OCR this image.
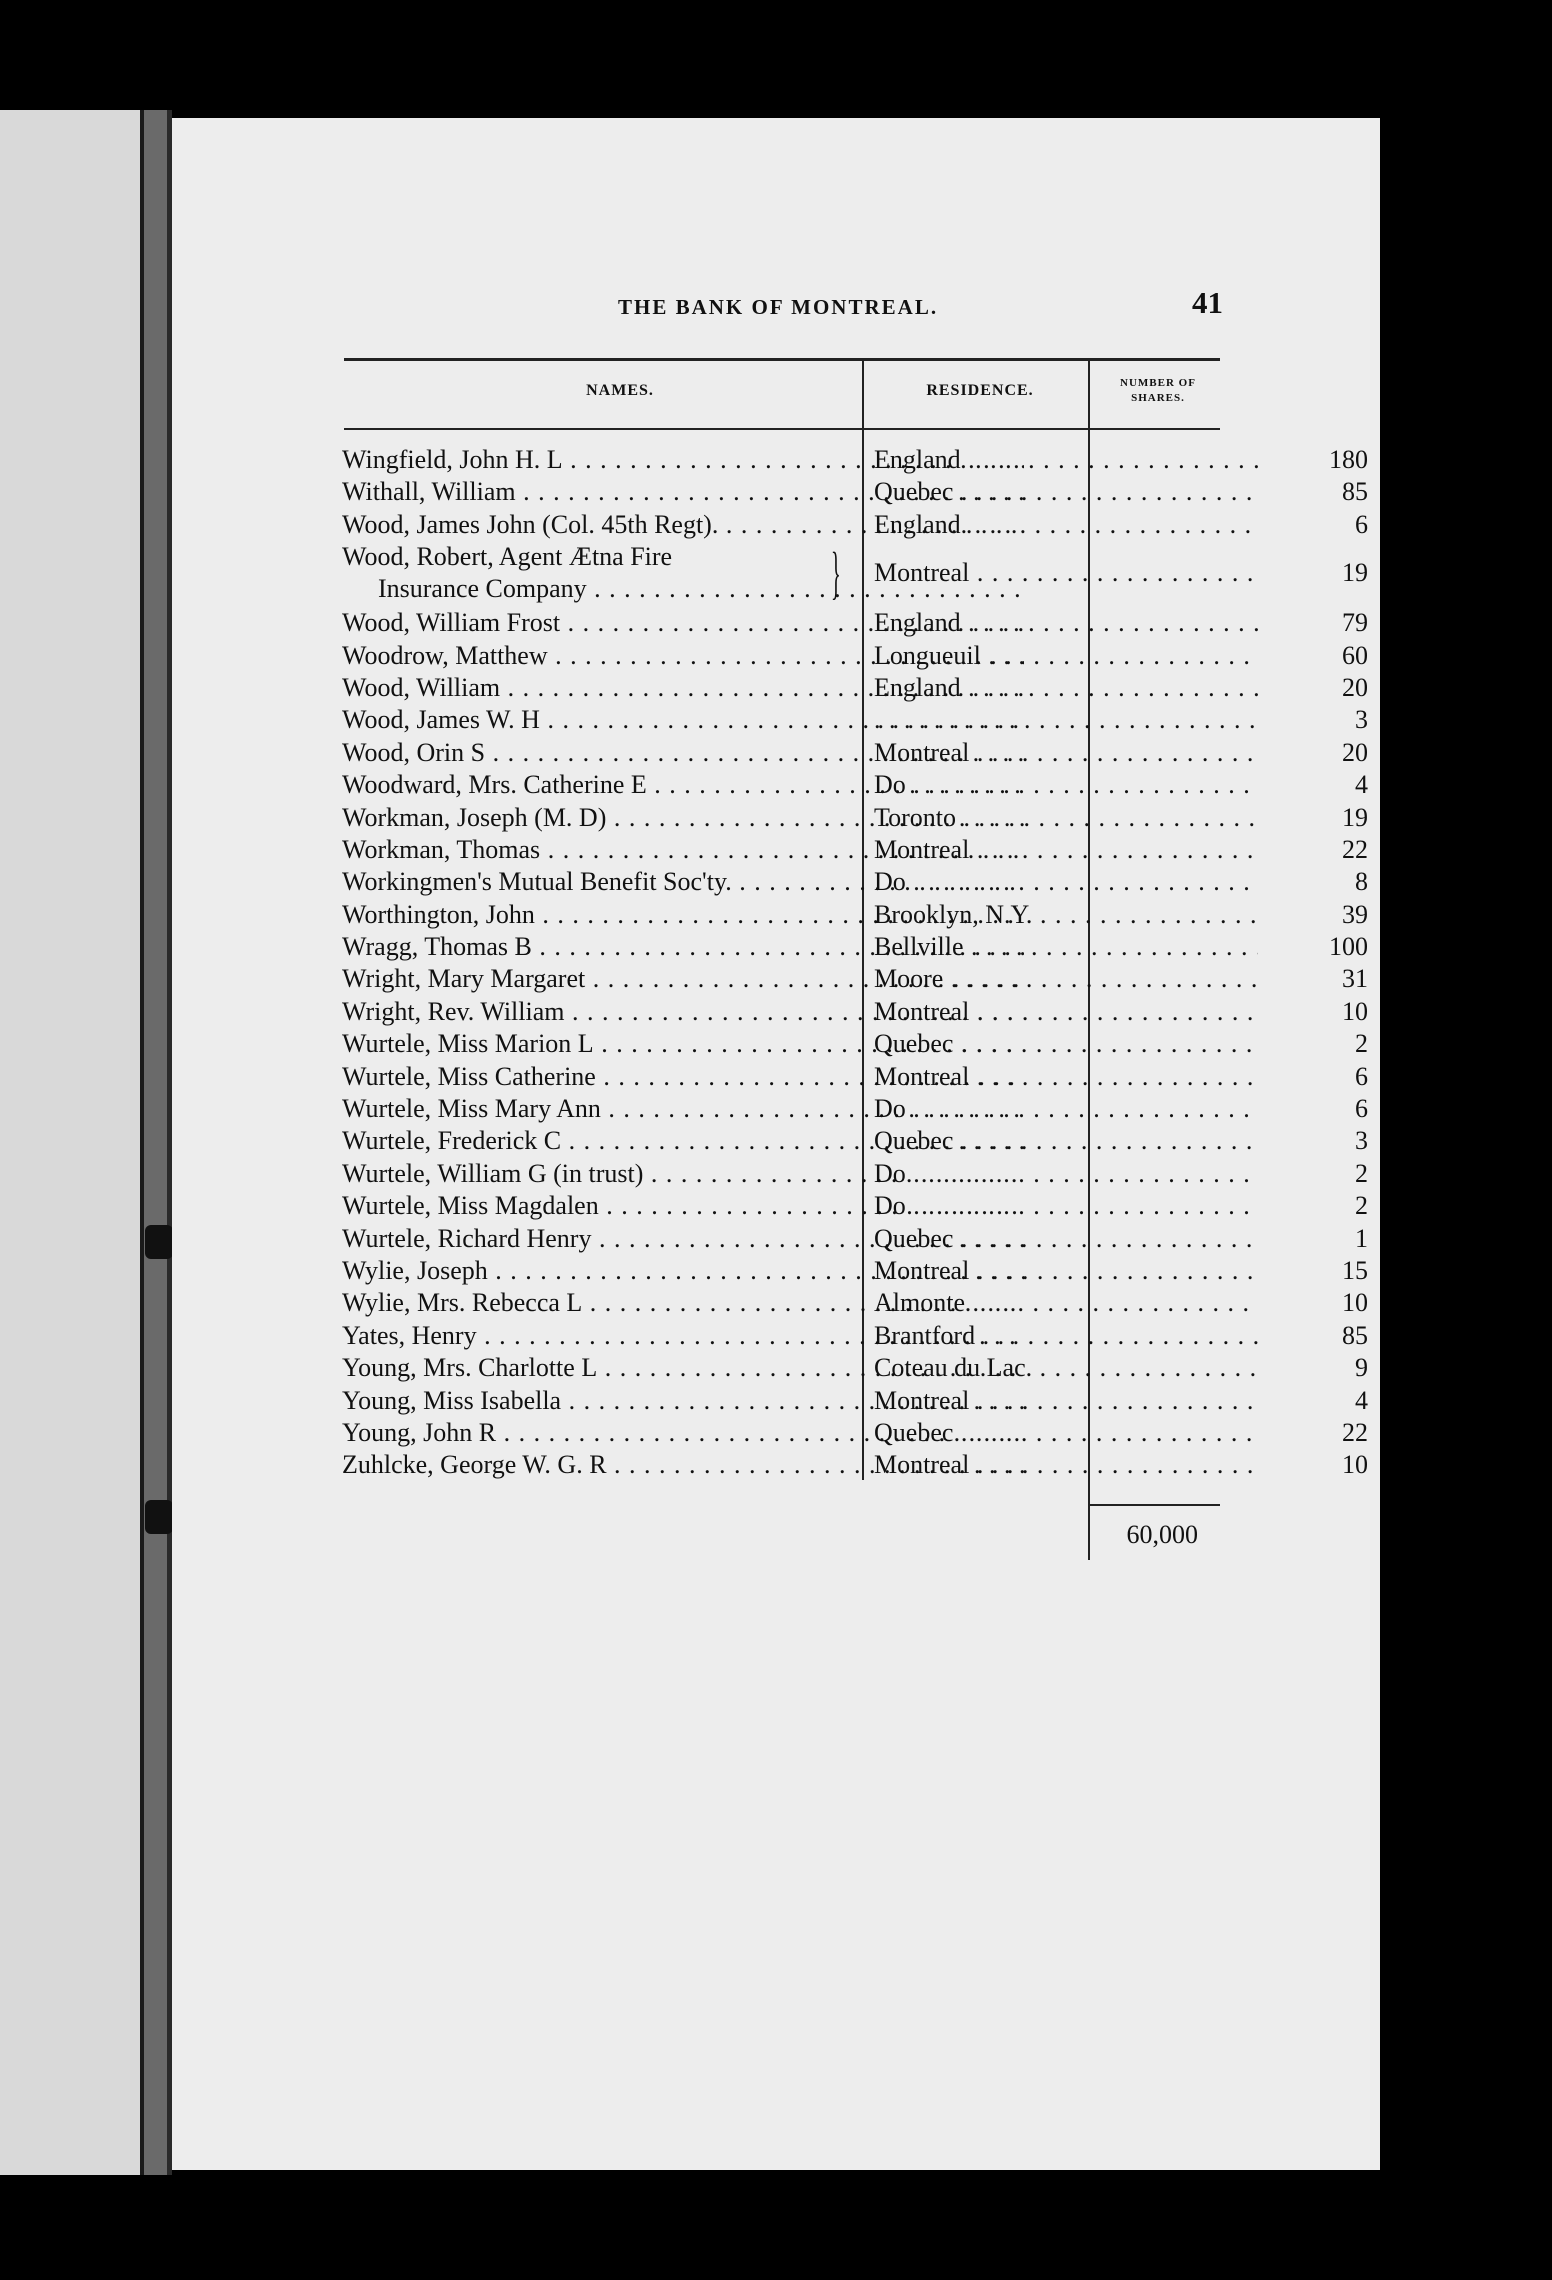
THE BANK OF MONTREAL.	41
NAMES.	RESIDENCE.	NUMBER OF
SHARES.
Wingfield, John H. L . . .	England . . .	180
Withall, William . . .	Quebec . . .	85
Wood, James John (Col. 45th Regt). . . .	England. . . .	6
}
Wood, Robert, Agent Ætna Fire
Insurance Company . . .
Montreal . . .	19
Wood, William Frost . . .	England . . .	79
Woodrow, Matthew . . .	Longueuil . . .	60
Wood, William . . .	England . . .	20
Wood, James W. H . . . . . .	3
Wood, Orin S . . .	Montreal . . .	20
Woodward, Mrs. Catherine E . . .	Do . . .	4
Workman, Joseph (M. D) . . .	Toronto . . .	19
Workman, Thomas . . .	Montreal . . .	22
Workingmen's Mutual Benefit Soc'ty. . . .	Do . . .	8
Worthington, John . . .	Brooklyn, N.Y. . . .	39
Wragg, Thomas B . . .	Bellville . . .	100
Wright, Mary Margaret . . .	Moore . . .	31
Wright, Rev. William . . .	Montreal . . .	10
Wurtele, Miss Marion L . . .	Quebec . . .	2
Wurtele, Miss Catherine . . .	Montreal . . .	6
Wurtele, Miss Mary Ann . . .	Do . . .	6
Wurtele, Frederick C . . .	Quebec . . .	3
Wurtele, William G (in trust) . . .	Do . . .	2
Wurtele, Miss Magdalen . . .	Do . . .	2
Wurtele, Richard Henry . . .	Quebec . . .	1
Wylie, Joseph . . .	Montreal . . .	15
Wylie, Mrs. Rebecca L . . .	Almonte . . .	10
Yates, Henry . . .	Brantford . . .	85
Young, Mrs. Charlotte L . . .	Coteau du Lac. . . .	9
Young, Miss Isabella . . .	Montreal . . .	4
Young, John R . . .	Quebec . . .	22
Zuhlcke, George W. G. R . . .	Montreal . . .	10
60,000
